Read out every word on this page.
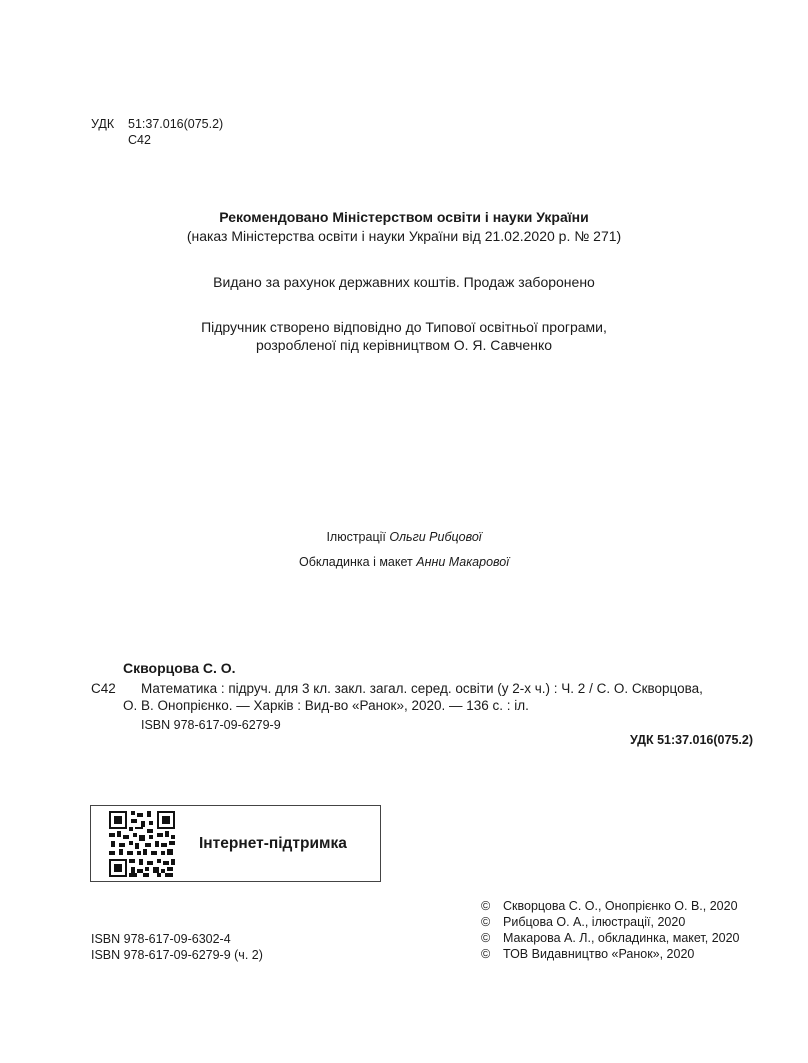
УДК 51:37.016(075.2)
С42
Рекомендовано Міністерством освіти і науки України
(наказ Міністерства освіти і науки України від 21.02.2020 р. № 271)
Видано за рахунок державних коштів. Продаж заборонено
Підручник створено відповідно до Типової освітньої програми,
розробленої під керівництвом О. Я. Савченко
Ілюстрації Ольги Рибцової
Обкладинка і макет Анни Макарової
Скворцова С. О.
С42 Математика : підруч. для 3 кл. закл. загал. серед. освіти (у 2-х ч.) : Ч. 2 / С. О. Скворцова,
О. В. Онопрієнко. — Харків : Вид-во «Ранок», 2020. — 136 с. : іл.
ISBN 978-617-09-6279-9
УДК 51:37.016(075.2)
Інтернет-підтримка
ISBN 978-617-09-6302-4
ISBN 978-617-09-6279-9 (ч. 2)
© Скворцова С. О., Онопрієнко О. В., 2020
© Рибцова О. А., ілюстрації, 2020
© Макарова А. Л., обкладинка, макет, 2020
© ТОВ Видавництво «Ранок», 2020
